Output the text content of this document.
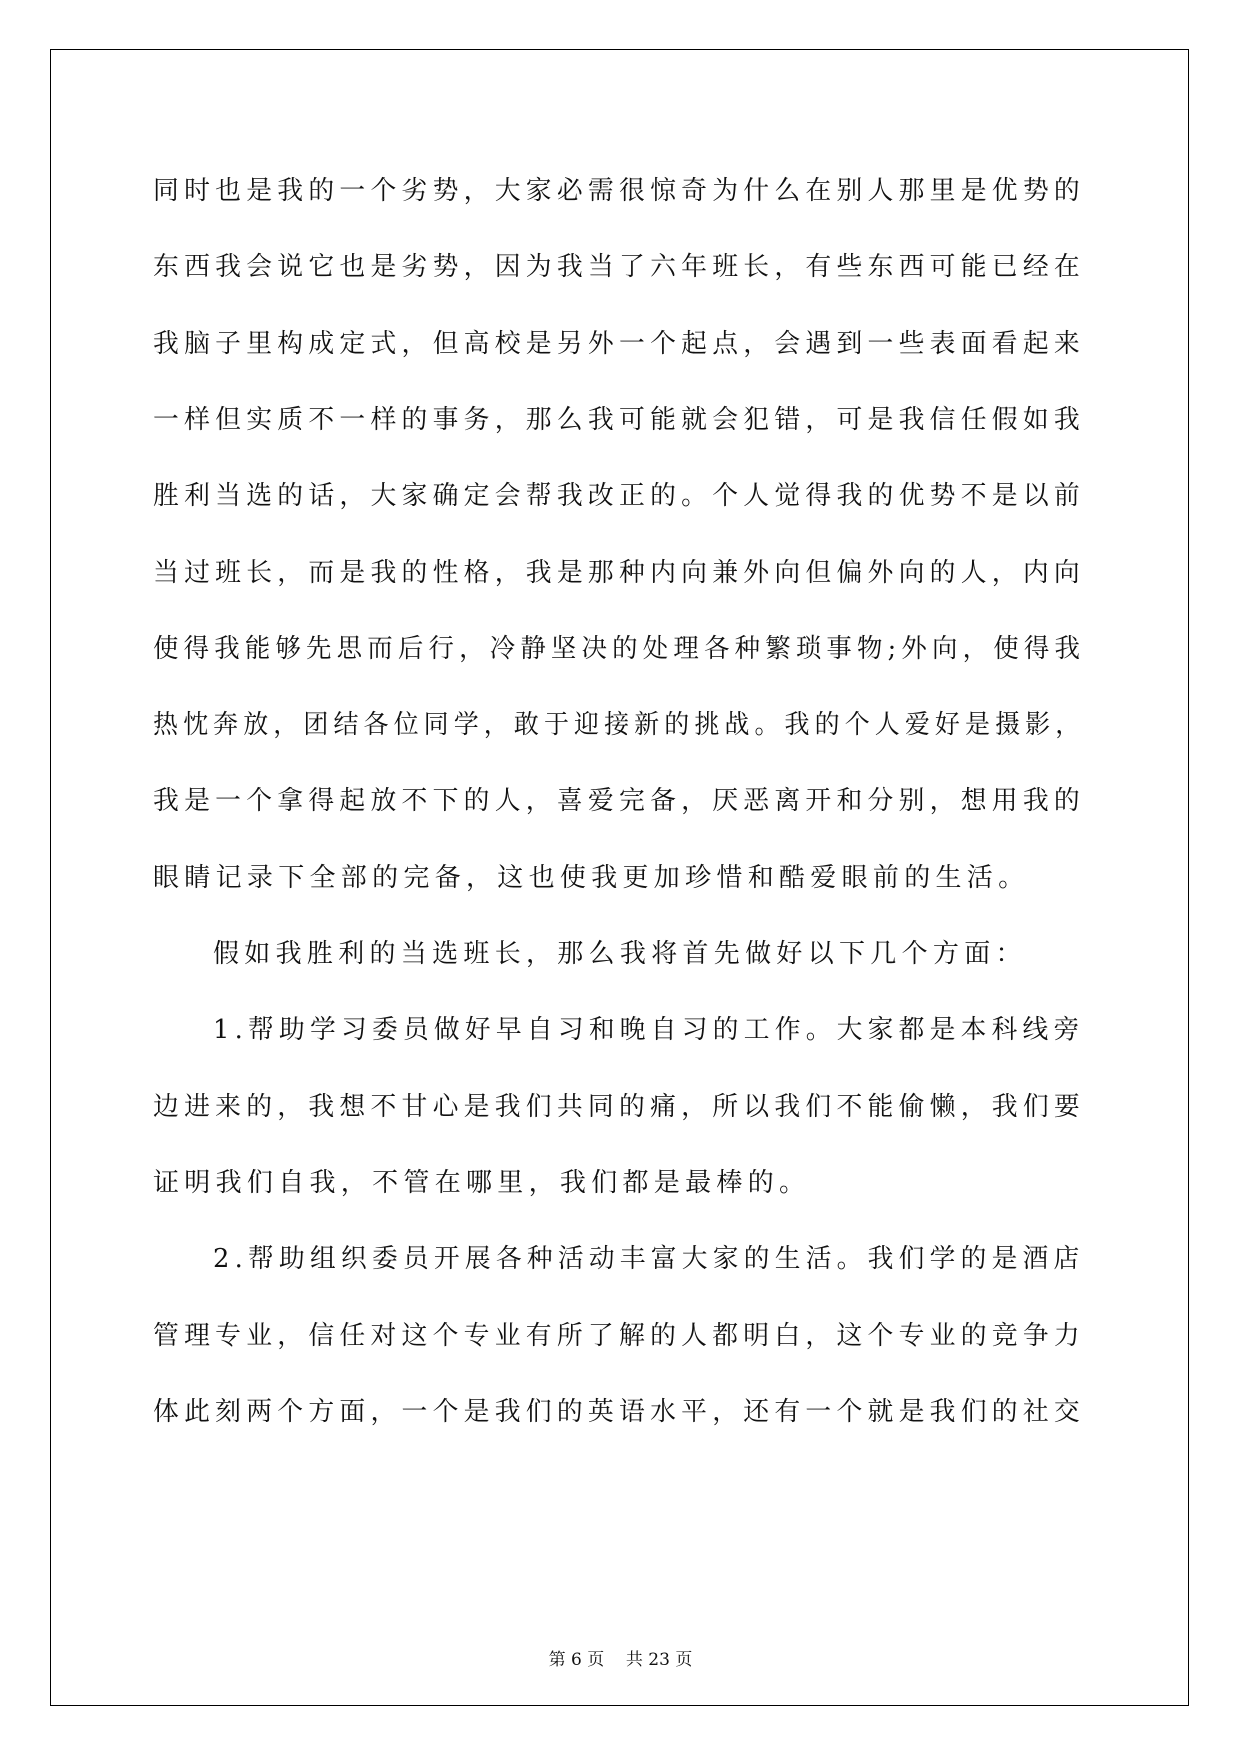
同时也是我的一个劣势，大家必需很惊奇为什么在别人那里是优势的
东西我会说它也是劣势，因为我当了六年班长，有些东西可能已经在
我脑子里构成定式，但高校是另外一个起点，会遇到一些表面看起来
一样但实质不一样的事务，那么我可能就会犯错，可是我信任假如我
胜利当选的话，大家确定会帮我改正的。个人觉得我的优势不是以前
当过班长，而是我的性格，我是那种内向兼外向但偏外向的人，内向
使得我能够先思而后行，冷静坚决的处理各种繁琐事物;外向，使得我
热忱奔放，团结各位同学，敢于迎接新的挑战。我的个人爱好是摄影，
我是一个拿得起放不下的人，喜爱完备，厌恶离开和分别，想用我的
眼睛记录下全部的完备，这也使我更加珍惜和酷爱眼前的生活。
假如我胜利的当选班长，那么我将首先做好以下几个方面：
1.帮助学习委员做好早自习和晚自习的工作。大家都是本科线旁
边进来的，我想不甘心是我们共同的痛，所以我们不能偷懒，我们要
证明我们自我，不管在哪里，我们都是最棒的。
2.帮助组织委员开展各种活动丰富大家的生活。我们学的是酒店
管理专业，信任对这个专业有所了解的人都明白，这个专业的竞争力
体此刻两个方面，一个是我们的英语水平，还有一个就是我们的社交
第 6 页 共 23 页
